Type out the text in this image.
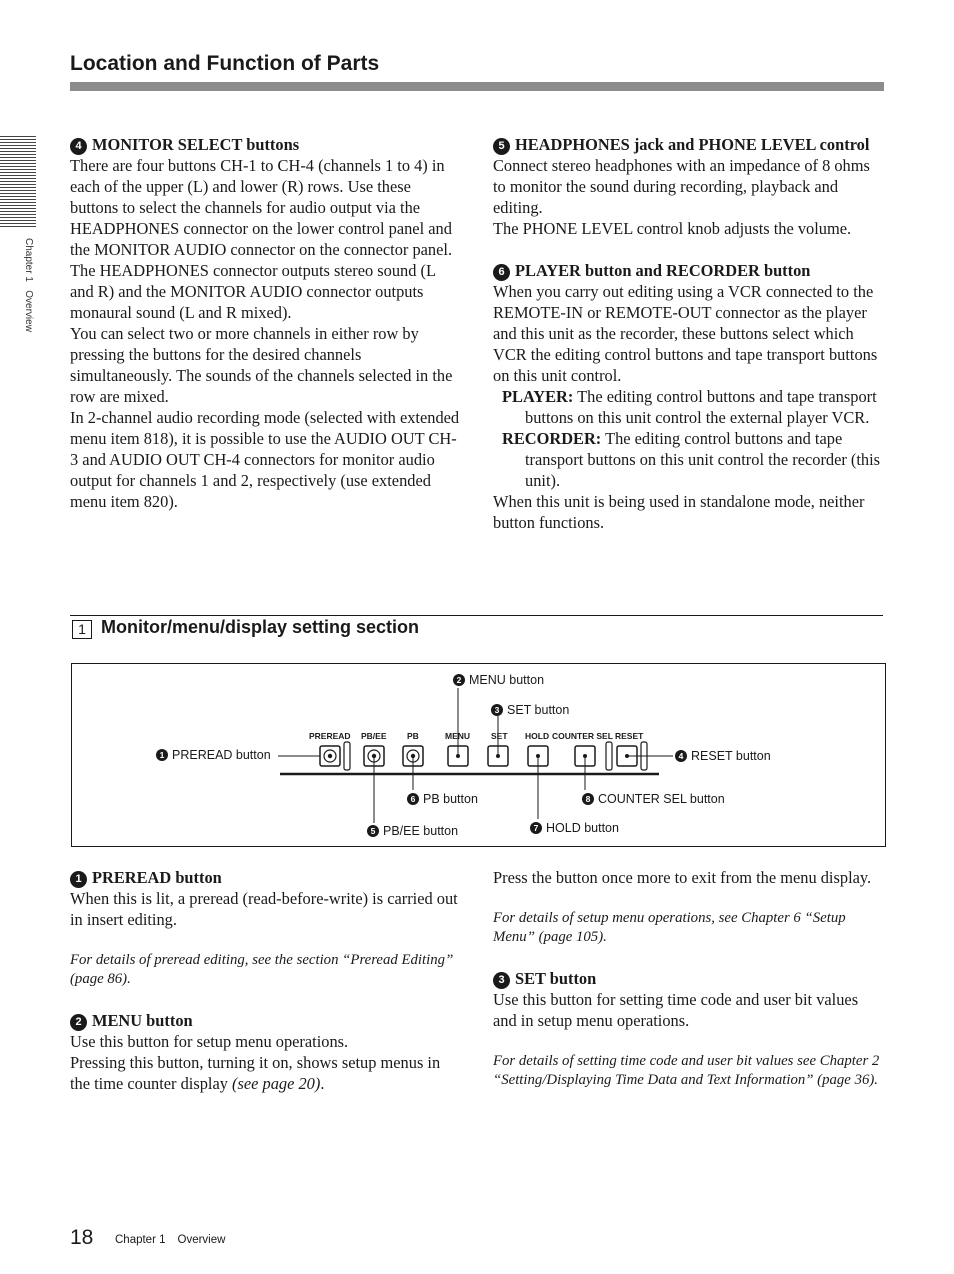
Location and Function of Parts
Chapter 1   Overview

4 MONITOR SELECT buttons

There are four buttons CH-1 to CH-4 (channels 1 to 4) in each of the upper (L) and lower (R) rows. Use these buttons to select the channels for audio output via the HEADPHONES connector on the lower control panel and the MONITOR AUDIO connector on the connector panel.

The HEADPHONES connector outputs stereo sound (L and R) and the MONITOR AUDIO connector outputs monaural sound (L and R mixed).

You can select two or more channels in either row by pressing the buttons for the desired channels simultaneously. The sounds of the channels selected in the row are mixed.

In 2-channel audio recording mode (selected with extended menu item 818), it is possible to use the AUDIO OUT CH-3 and AUDIO OUT CH-4 connectors for monitor audio output for channels 1 and 2, respectively (use extended menu item 820).

5 HEADPHONES jack and PHONE LEVEL control

Connect stereo headphones with an impedance of 8 ohms to monitor the sound during recording, playback and editing.

The PHONE LEVEL control knob adjusts the volume.

6 PLAYER button and RECORDER button

When you carry out editing using a VCR connected to the REMOTE-IN or REMOTE-OUT connector as the player and this unit as the recorder, these buttons select which VCR the editing control buttons and tape transport buttons on this unit control.

PLAYER: The editing control buttons and tape transport buttons on this unit control the external player VCR.

RECORDER: The editing control buttons and tape transport buttons on this unit control the recorder (this unit).

When this unit is being used in standalone mode, neither button functions.

1 Monitor/menu/display setting section
PREREAD PB/EE PB	MENU SET HOLD COUNTER SEL RESET
1 PREREAD button
2 MENU button
3 SET button
4 RESET button
5 PB/EE button
6 PB button
7 HOLD button
8 COUNTER SEL button

1 PREREAD button

When this is lit, a preread (read-before-write) is carried out in insert editing.

For details of preread editing, see the section “Preread Editing” (page 86).

2 MENU button

Use this button for setup menu operations.

Pressing this button, turning it on, shows setup menus in the time counter display (see page 20).

Press the button once more to exit from the menu display.

For details of setup menu operations, see Chapter 6 “Setup Menu” (page 105).

3 SET button

Use this button for setting time code and user bit values and in setup menu operations.

For details of setting time code and user bit values see Chapter 2 “Setting/Displaying Time Data and Text Information” (page 36).

18 Chapter 1 Overview
